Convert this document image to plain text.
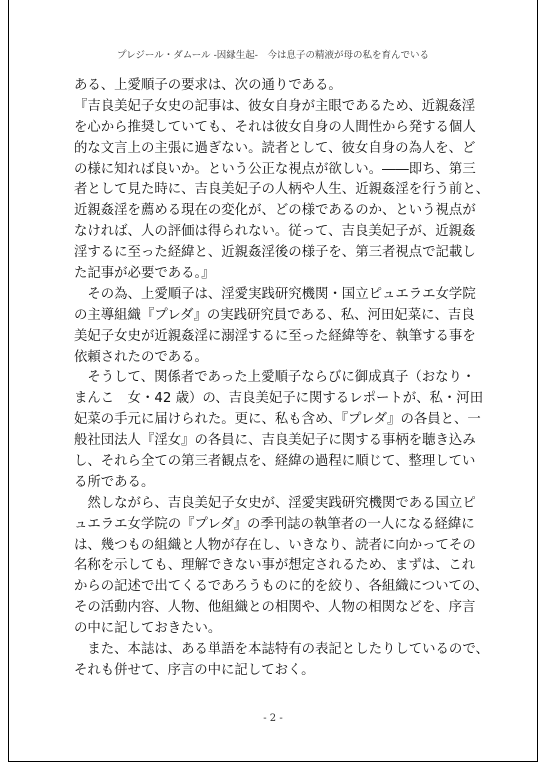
プレジール・ダムール -因縁生起-　今は息子の精液が母の私を育んでいる
ある、上愛順子の要求は、次の通りである。
『吉良美妃子女史の記事は、彼女自身が主眼であるため、近親姦淫
を心から推奨していても、それは彼女自身の人間性から発する個人
的な文言上の主張に過ぎない。読者として、彼女自身の為人を、ど
の様に知れば良いか。という公正な視点が欲しい。――即ち、第三
者として見た時に、吉良美妃子の人柄や人生、近親姦淫を行う前と、
近親姦淫を薦める現在の変化が、どの様であるのか、という視点が
なければ、人の評価は得られない。従って、吉良美妃子が、近親姦
淫するに至った経緯と、近親姦淫後の様子を、第三者視点で記載し
た記事が必要である。』
　その為、上愛順子は、淫愛実践研究機関・国立ピュエラエ女学院
の主導組織『プレダ』の実践研究員である、私、河田妃菜に、吉良
美妃子女史が近親姦淫に溺淫するに至った経緯等を、執筆する事を
依頼されたのである。
　そうして、関係者であった上愛順子ならびに御成真子（おなり・
まんこ　女・42 歳）の、吉良美妃子に関するレポートが、私・河田
妃菜の手元に届けられた。更に、私も含め、『プレダ』の各員と、一
般社団法人『淫女』の各員に、吉良美妃子に関する事柄を聴き込み
し、それら全ての第三者観点を、経緯の過程に順じて、整理してい
る所である。
　然しながら、吉良美妃子女史が、淫愛実践研究機関である国立ピ
ュエラエ女学院の『プレダ』の季刊誌の執筆者の一人になる経緯に
は、幾つもの組織と人物が存在し、いきなり、読者に向かってその
名称を示しても、理解できない事が想定されるため、まずは、これ
からの記述で出てくるであろうものに的を絞り、各組織についての、
その活動内容、人物、他組織との相関や、人物の相関などを、序言
の中に記しておきたい。
　また、本誌は、ある単語を本誌特有の表記としたりしているので、
それも併せて、序言の中に記しておく。
- 2 -
